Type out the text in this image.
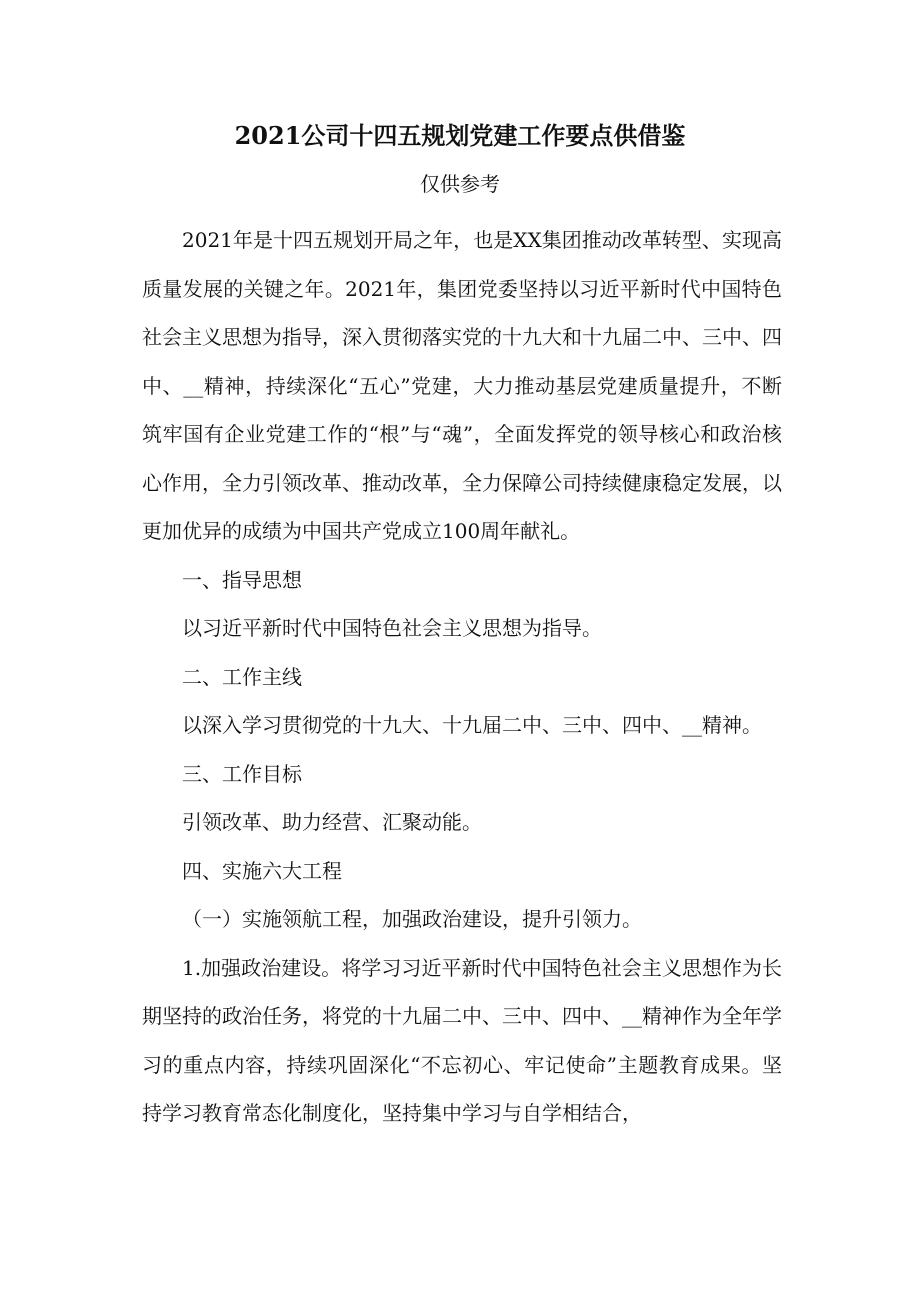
2021公司十四五规划党建工作要点供借鉴
仅供参考

2021年是十四五规划开局之年，也是XX集团推动改革转型、实现高质量发展的关键之年。2021年，集团党委坚持以习近平新时代中国特色社会主义思想为指导，深入贯彻落实党的十九大和十九届二中、三中、四中、__精神，持续深化“五心”党建，大力推动基层党建质量提升，不断筑牢国有企业党建工作的“根”与“魂”，全面发挥党的领导核心和政治核心作用，全力引领改革、推动改革，全力保障公司持续健康稳定发展，以更加优异的成绩为中国共产党成立100周年献礼。

一、指导思想

以习近平新时代中国特色社会主义思想为指导。

二、工作主线

以深入学习贯彻党的十九大、十九届二中、三中、四中、__精神。

三、工作目标

引领改革、助力经营、汇聚动能。

四、实施六大工程

（一）实施领航工程，加强政治建设，提升引领力。

1.加强政治建设。将学习习近平新时代中国特色社会主义思想作为长期坚持的政治任务，将党的十九届二中、三中、四中、__精神作为全年学习的重点内容，持续巩固深化“不忘初心、牢记使命”主题教育成果。坚持学习教育常态化制度化，坚持集中学习与自学相结合，
